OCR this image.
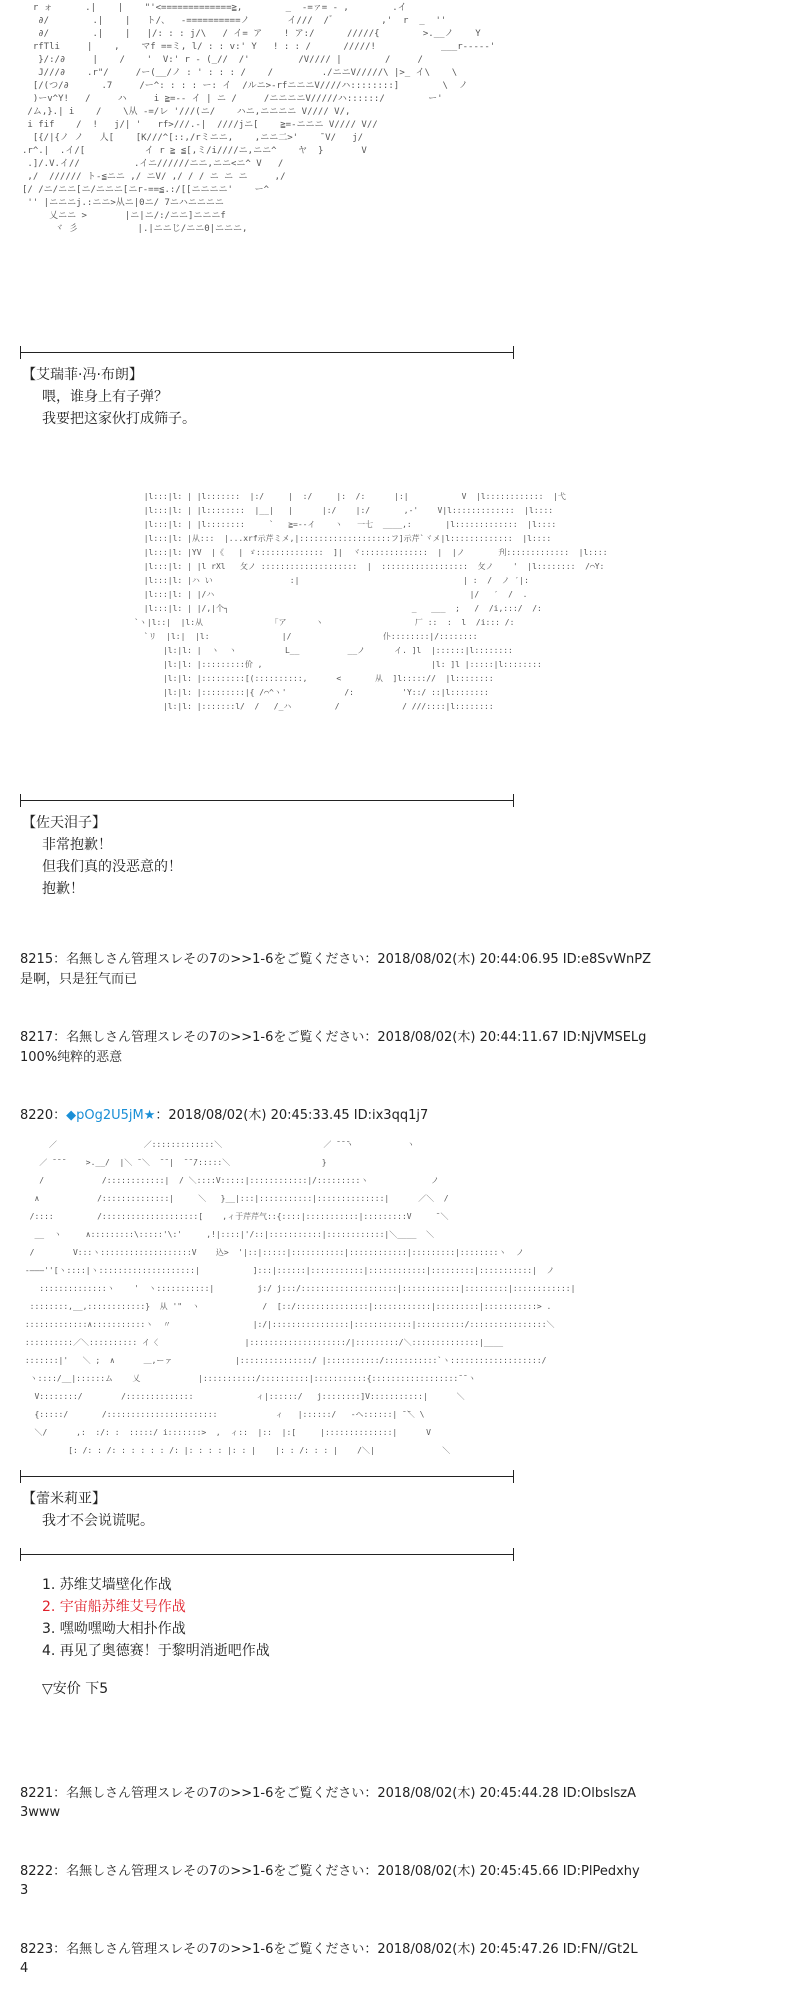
r ォ      .|    |    "'<=============≧,        _  -=ァ= - ,        .イ
∂/        .|    |   ト/、  -==========ノ       イ///  /゛        ,'  r  _  ''
∂/        .|    |   |/: : : j/\   / イ= ア    ! ア:/      /////{        >.__ノ    Y
rfTli     |    ,    マf ==ミ, l/ : : v:' Y   ! : : /      /////!            ___r-----'
}/:/∂     |    /    '  V:' r - (_//  /'         /V//// |        /     /
J///∂    .r"/     /ー(__/ノ : ' : : : /    /         ./ニニV/////\ |>_ イ\    \
[/(つ/∂      .7     /ー^: : : : ー: イ  /ルニ>-rfニニニV////ハ::::::::]        \  ノ
)ーv^Y!   /     ハ     i ≧=-- イ | ニ /     /ニニニニV/////ハ::::::/        ー'
/ム,}.| i    /    \从 -=/レ '///(ニ/    ハニ,ニニニニ V//// V/,
i fif    /  !   j/| '   rf>///.-|  ////jニ[    ≧=-ニニニ V//// V//
[{/|{ノ ノ   人[    [K///^[::,/rミニニ,    ,ニニ二>'    ̄ V/   j/
.r^.|  .イ/[           イ r ≧ ≦[,ミ/i////ニ,ニニ^    ヤ  }       V
.]/.V.イ//          .イニ//////ニニ,ニニ<ニ^ V   /
,/  ////// ト-≦ニニ ,/ ニV/ ,/ / / ニ ニ ニ     ,/
[/ /ニ/ニニ[ニ/ニニニ[ニr-==≦.:/[[ニニニニ'    ー^
'' |ニニニj.:ニニ>从ニ|0ニ/ 7ニハニニニニ
乂ニニ >       |ニ|ニ/:/ニニ]ニニニf
ヾ 彡           |.|ニニじ/ニニ0|ニニニ,
【艾瑞菲·冯·布朗】
喂，谁身上有子弹？
我要把这家伙打成筛子。
|l:::|l: | |l:::::::  |:/     |  :/     |:  /:      |:|           V  |l::::::::::::  |弋
|l:::|l: | |l::::::::  |__|   |      |:/    |:/       ,-'    V|l:::::::::::::  |l::::
|l:::|l: | |l::::::::     `   ≧=--イ    ヽ   一七  ____,:       |l:::::::::::::  |l::::
|l:::|l: |从:::  |...xrf示芹ミメ,|:::::::::::::::::::フ]示芹`ヾメ|l:::::::::::::  |l::::
|l:::|l: |YV  |《   | ゞ::::::::::::::  ]|  ヾ::::::::::::::  |  |ノ       刋:::::::::::::  |l::::
|l:::|l: | |l rXl   攵ノ ::::::::::::::::::::  |  ::::::::::::::::::  攵ノ    '  |l::::::::  /⌒Y:
|l:::|l: |ハ い                :|                                  | :  /  ノ ′|:
|l:::|l: | |/ハ                                                     |/   ′  /  .
|l:::|l: | |/,|个┐                                      _   ___  ;   /  /i,:::/  /:
`ヽ|l::|  |l:从              「ア      ヽ                   厂 ::  :  l  /i::: /:
`リ  |l:|  |l:               |/                   仆::::::::|/::::::::
|l:|l: |  ヽ  ヽ          L__          __ノ      イ. ]l  |::::::|l::::::::
|l:|l: |:::::::::价 ,                                   |l: ]l |:::::|l::::::::
|l:|l: |:::::::::[(::::::::::,      <       从  ]l::::://  |l::::::::
|l:|l: |:::::::::|{ /⌒^ヽ'            /:          'Y::/ ::|l::::::::
|l:|l: |:::::::l/  /   /_ハ         /             / ///::::|l::::::::
【佐天泪子】
非常抱歉！
但我们真的没恶意的！
抱歉！
8215：名無しさん管理スレその7の>>1-6をご覧ください：2018/08/02(木) 20:44:06.95 ID:e8SvWnPZ
是啊，只是狂气而已
8217：名無しさん管理スレその7の>>1-6をご覧ください：2018/08/02(木) 20:44:11.67 ID:NjVMSELg
100%纯粹的恶意
8220：◆pOg2U5jM★：2018/08/02(木) 20:45:33.45 ID:ix3qq1j7
／                  ／:::::::::::::＼                     ／ ̄ ̄ ̄ヽ           ヽ
／ ̄ ̄ ̄     >.__/  |＼ ̄ ＼  ̄ ̄ |  ̄ ̄ ̄/:::::＼                   }
/            /::::::::::::|  / ＼::::V:::::|::::::::::::|/:::::::::ヽ             ノ
∧            /::::::::::::::|     ＼   }__|:::|:::::::::::|::::::::::::::|      ／＼  /
/::::         /::::::::::::::::::::[    ,ィ于芹芹气::{::::|:::::::::::|:::::::::V     ̄ ＼
__  ヽ     ∧:::::::::\:::::'\:'     ,!|::::|'/::|:::::::::::|::::::::::::|＼____  ＼
/        V:::ヽ:::::::::::::::::::V    込>  '|::|:::::|:::::::::::|::::::::::::|:::::::::|::::::::ヽ  ノ
-―――''[ヽ::::|ヽ::::::::::::::::::::|           ]:::|::::::|:::::::::::|::::::::::::|:::::::::|:::::::::::|  ノ
::::::::::::::ヽ    '  ヽ:::::::::::|         j:/ j:::/::::::::::::::::::::|::::::::::::|:::::::::|::::::::::::|
::::::::,__,::::::::::::}  从 '"  ヽ             /  [::/:::::::::::::::|::::::::::::|:::::::::|:::::::::::> .
:::::::::::::∧:::::::::::ヽ  〃                 |:/|::::::::::::::::|::::::::::::|::::::::::/::::::::::::::::＼
::::::::::／＼:::::::::: イ〈                  |::::::::::::::::::::/|:::::::::/＼::::::::::::::|____
:::::::|'   ＼ ;  ∧      ＿,ーァ             |:::::::::::::::/ |:::::::::::/:::::::::::`ヽ:::::::::::::::::::/
ヽ::::/__|::::::ム    乂            |:::::::::::/::::::::::|:::::::::::{::::::::::::::::::̄ ̄ ヽ
V::::::::/        /::::::::::::::             ィ|::::::/   j::::::::]V:::::::::::|      ＼
{:::::/       /:::::::::::::::::::::::            ィ   |::::::/   -ヘ::::::| ̄ ̄＼ \
＼/      ,:  :/: :  :::::/ i:::::::>  ,  ィ::  |::  |:[     |::::::::::::::|      V
[: /: : /: : : : : : /: |: : : : |: : |    |: : /: : : |    /＼|              ＼
【蕾米莉亚】
我才不会说谎呢。
1. 苏维艾墙壁化作战
2. 宇宙船苏维艾号作战
3. 嘿呦嘿呦大相扑作战
4. 再见了奥德赛！于黎明消逝吧作战
▽安价 下5
8221：名無しさん管理スレその7の>>1-6をご覧ください：2018/08/02(木) 20:45:44.28 ID:OlbslszA
3www
8222：名無しさん管理スレその7の>>1-6をご覧ください：2018/08/02(木) 20:45:45.66 ID:PlPedxhy
3
8223：名無しさん管理スレその7の>>1-6をご覧ください：2018/08/02(木) 20:45:47.26 ID:FN//Gt2L
4
